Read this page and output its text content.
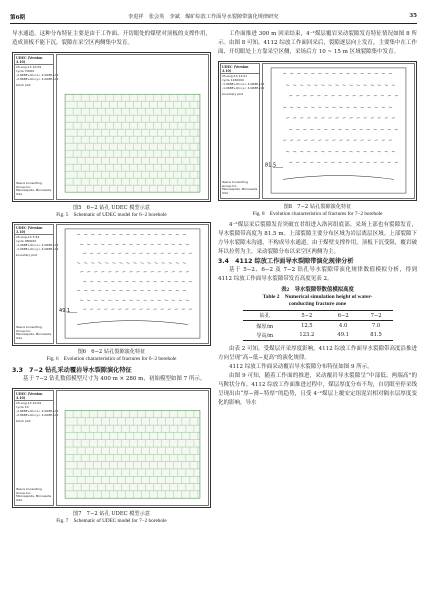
第6期	李进祥　张会英　李斌 煤矿综放工作面导水裂隙带演化规律研究	35

导水通道。这种分布特征主要是由于工作面、开切眼处的煤壁对顶板的支撑作用，造成顶板不能下沉，裂隙在采空区两侧集中发育。

UDEC (Version 3.10)
25-Aug-13 10:09
cycle 70000
-2.868E+01<x< 4.008E+02
-2.868E+01<y< 4.008E+02
block plot
Itasca Consulting Group,Inc.
Minneapolis, Minnesota USA
图5　6−2 钻孔 UDEC 模型示意
Fig. 5　Schematic of UDEC model for 6−2 borehole
UDEC (Version 3.10)
25-Aug-13 3:54
cycle 980000
-1.068E+01<x< 4.068E+02
-1.068E+01<y< 4.068E+02
boundary plot
Itasca Consulting Group,Inc.
Minneapolis, Minnesota USA
49.1
图6　6−2 钻孔裂隙演化特征
Fig. 6　Evolution characteristics of fractures for 6−2 borehole
3.3　7−2 钻孔采动覆岩导水裂隙演化特征

基于 7−2 钻孔数值模型尺寸为 400 m × 280 m，初始模型如图 7 所示。

UDEC (Version 3.10)
25-Aug-13 10:09
cycle 10
-2.868E+01<x< 4.008E+02
-2.868E+01<y< 4.008E+02
block plot
Itasca Consulting Group,Inc.
Minneapolis, Minnesota USA
图7　7−2 钻孔 UDEC 模型示意
Fig. 7　Schematic of UDEC model for 7−2 borehole

工作面推进 300 m 回采结束，4⁻²煤层覆岩采动裂隙发育特征情况如图 8 所示。由图 8 可知，4112 综放工作面回采后，裂隙逐层向上发育，主要集中在工作面、开切眼处上方靠采空区侧，采场后方 10 ~ 15 m 区域裂隙集中发育。

UDEC (Version 3.10)
25-Aug-13 12:01
cycle 1160000
-1.068E+01<x< 4.068E+02
-1.068E+01<y< 4.068E+02
boundary plot
Itasca Consulting Group,Inc.
Minneapolis, Minnesota USA
81.5
图8　7−2 钻孔裂隙演化特征
Fig. 8　Evolution characteristics of fractures for 7−2 borehole

4⁻²煤层采后裂隙发育突破宜君组进入洛河组底部。采场上部也有裂隙发育，导水裂隙带高度为 81.5 m。上部裂隙主要分布区域为岩层离层区域。上部裂隙下方导水裂隙未沟通，不构成导水通道。由于煤壁支撑作用，顶板下沉受阻，覆岩破坏以拉剪为主，采动裂隙分布以采空区两侧为主。

3.4　4112 综放工作面导水裂隙带演化规律分析

基于 5−2、6−2 及 7−2 钻孔导水裂隙带演化规律数值模拟分析，得到 4112 综放工作面导水裂隙带发育高度见表 2。

表2　导水裂隙带数值模拟高度
Table 2　Numerical simulation height of water-
conducting fracture zone
钻孔	5−2	6−2	7−2
煤厚/m	12.5	4.0	7.0
导高/m	123.2	49.1	81.5

由表 2 可知，受煤层开采厚度影响，4112 综放工作面导水裂隙带高度沿推进方向呈现“高−低−更高”的演化规律。

4112 综放工作面采动覆岩导水裂隙分布特征如图 9 所示。

由图 9 可知，随着工作面的推进，采动覆岩导水裂隙呈“中部低、两端高”的马鞍状分布。4112 综放工作面推进过程中，煤层厚度分布不均，自切眼至停采线呈现出由“厚−薄−特厚”的趋势，且受 4⁻²煤层上覆安定组泥岩相对隔水层厚度变化的影响，导水
